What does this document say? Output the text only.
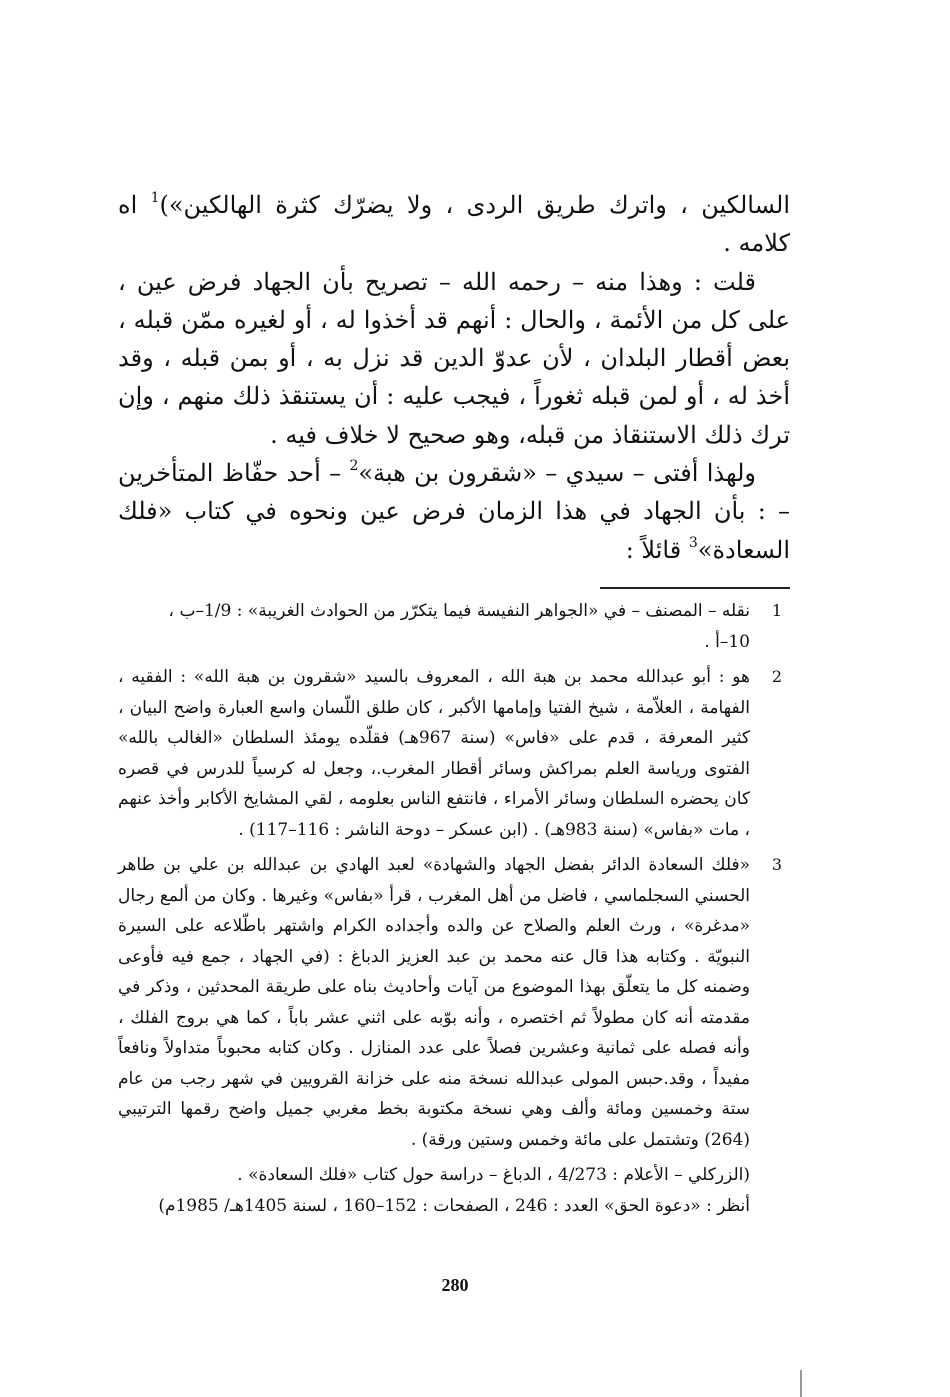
السالكين ، واترك طريق الردى ، ولا يضرّك كثرة الهالكين»)$^1$ اه كلامه .

قلت : وهذا منه – رحمه الله – تصريح بأن الجهاد فرض عين ، على كل من الأئمة ، والحال : أنهم قد أخذوا له ، أو لغيره ممّن قبله ، بعض أقطار البلدان ، لأن عدوّ الدين قد نزل به ، أو بمن قبله ، وقد أخذ له ، أو لمن قبله ثغوراً ، فيجب عليه : أن يستنقذ ذلك منهم ، وإن ترك ذلك الاستنقاذ من قبله، وهو صحيح لا خلاف فيه .

ولهذا أفتى – سيدي – «شقرون بن هبة»$^2$ – أحد حفّاظ المتأخرين – : بأن الجهاد في هذا الزمان فرض عين ونحوه في كتاب «فلك السعادة»$^3$ قائلاً :

1
نقله – المصنف – في «الجواهر النفيسة فيما يتكرّر من الحوادث الغريبة» : 1/9–ب ،
10–أ .
2
هو : أبو عبدالله محمد بن هبة الله ، المعروف بالسيد «شقرون بن هبة الله» : الفقيه ، الفهامة ، العلاّمة ، شيخ الفتيا وإمامها الأكبر ، كان طلق اللّسان واسع العبارة واضح البيان ، كثير المعرفة ، قدم على «فاس» (سنة 967هـ) فقلّده يومئذ السلطان «الغالب بالله» الفتوى ورياسة العلم بمراكش وسائر أقطار المغرب.، وجعل له كرسياً للدرس في قصره كان يحضره السلطان وسائر الأمراء ، فانتفع الناس بعلومه ، لقي المشايخ الأكابر وأخذ عنهم ، مات «بفاس» (سنة 983هـ) . (ابن عسكر – دوحة الناشر : 116–117) .
3
«فلك السعادة الدائر بفضل الجهاد والشهادة» لعبد الهادي بن عبدالله بن علي بن طاهر الحسني السجلماسي ، فاضل من أهل المغرب ، قرأ «بفاس» وغيرها . وكان من ألمع رجال «مدغرة» ، ورث العلم والصلاح عن والده وأجداده الكرام واشتهر باطّلاعه على السيرة النبويّة . وكتابه هذا قال عنه محمد بن عبد العزيز الدباغ : (في الجهاد ، جمع فيه فأوعى وضمنه كل ما يتعلّق بهذا الموضوع من آيات وأحاديث بناه على طريقة المحدثين ، وذكر في مقدمته أنه كان مطولاً ثم اختصره ، وأنه بوّبه على اثني عشر باباً ، كما هي بروج الفلك ، وأنه فصله على ثمانية وعشرين فصلاً على عدد المنازل . وكان كتابه محبوباً متداولاً ونافعاً مفيداً ، وقد.حبس المولى عبدالله نسخة منه على خزانة القرويين في شهر رجب من عام ستة وخمسين ومائة وألف وهي نسخة مكتوبة بخط مغربي جميل واضح رقمها الترتيبي (264) وتشتمل على مائة وخمس وستين ورقة) .
(الزركلي – الأعلام : 4/273 ، الدباغ – دراسة حول كتاب «فلك السعادة» .
أنظر : «دعوة الحق» العدد : 246 ، الصفحات : 152–160 ، لسنة 1405هـ/ 1985م)
280
